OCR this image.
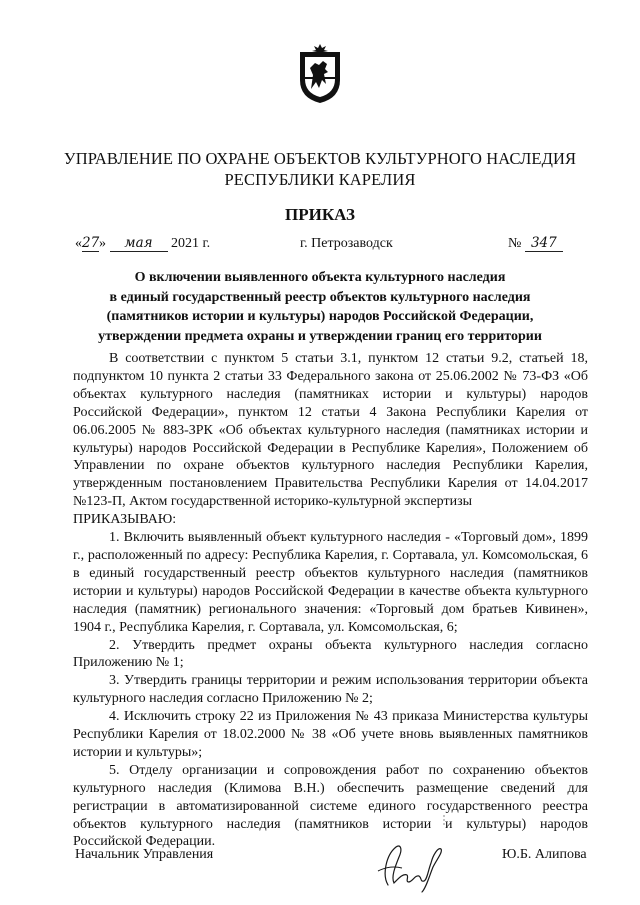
УПРАВЛЕНИЕ ПО ОХРАНЕ ОБЪЕКТОВ КУЛЬТУРНОГО НАСЛЕДИЯ
РЕСПУБЛИКИ КАРЕЛИЯ
ПРИКАЗ
«27» мая 2021 г.	г. Петрозаводск	№ 347
О включении выявленного объекта культурного наследия
в единый государственный реестр объектов культурного наследия
(памятников истории и культуры) народов Российской Федерации,
утверждении предмета охраны и утверждении границ его территории

В соответствии с пунктом 5 статьи 3.1, пунктом 12 статьи 9.2, статьей 18, подпунктом 10 пункта 2 статьи 33 Федерального закона от 25.06.2002 № 73-ФЗ «Об объектах культурного наследия (памятниках истории и культуры) народов Российской Федерации», пунктом 12 статьи 4 Закона Республики Карелия от 06.06.2005 № 883-ЗРК «Об объектах культурного наследия (памятниках истории и культуры) народов Российской Федерации в Республике Карелия», Положением об Управлении по охране объектов культурного наследия Республики Карелия, утвержденным постановлением Правительства Республики Карелия от 14.04.2017 №123-П, Актом государственной историко-культурной экспертизы

ПРИКАЗЫВАЮ:

1. Включить выявленный объект культурного наследия - «Торговый дом», 1899 г., расположенный по адресу: Республика Карелия, г. Сортавала, ул. Комсомольская, 6 в единый государственный реестр объектов культурного наследия (памятников истории и культуры) народов Российской Федерации в качестве объекта культурного наследия (памятник) регионального значения: «Торговый дом братьев Кивинен», 1904 г., Республика Карелия, г. Сортавала, ул. Комсомольская, 6;

2. Утвердить предмет охраны объекта культурного наследия согласно Приложению № 1;

3. Утвердить границы территории и режим использования территории объекта культурного наследия согласно Приложению № 2;

4. Исключить строку 22 из Приложения № 43 приказа Министерства культуры Республики Карелия от 18.02.2000 № 38 «Об учете вновь выявленных памятников истории и культуры»;

5. Отделу организации и сопровождения работ по сохранению объектов культурного наследия (Климова В.Н.) обеспечить размещение сведений для регистрации в автоматизированной системе единого государственного реестра объектов культурного наследия (памятников истории и культуры) народов Российской Федерации.

Начальник Управления	Ю.Б. Алипова
